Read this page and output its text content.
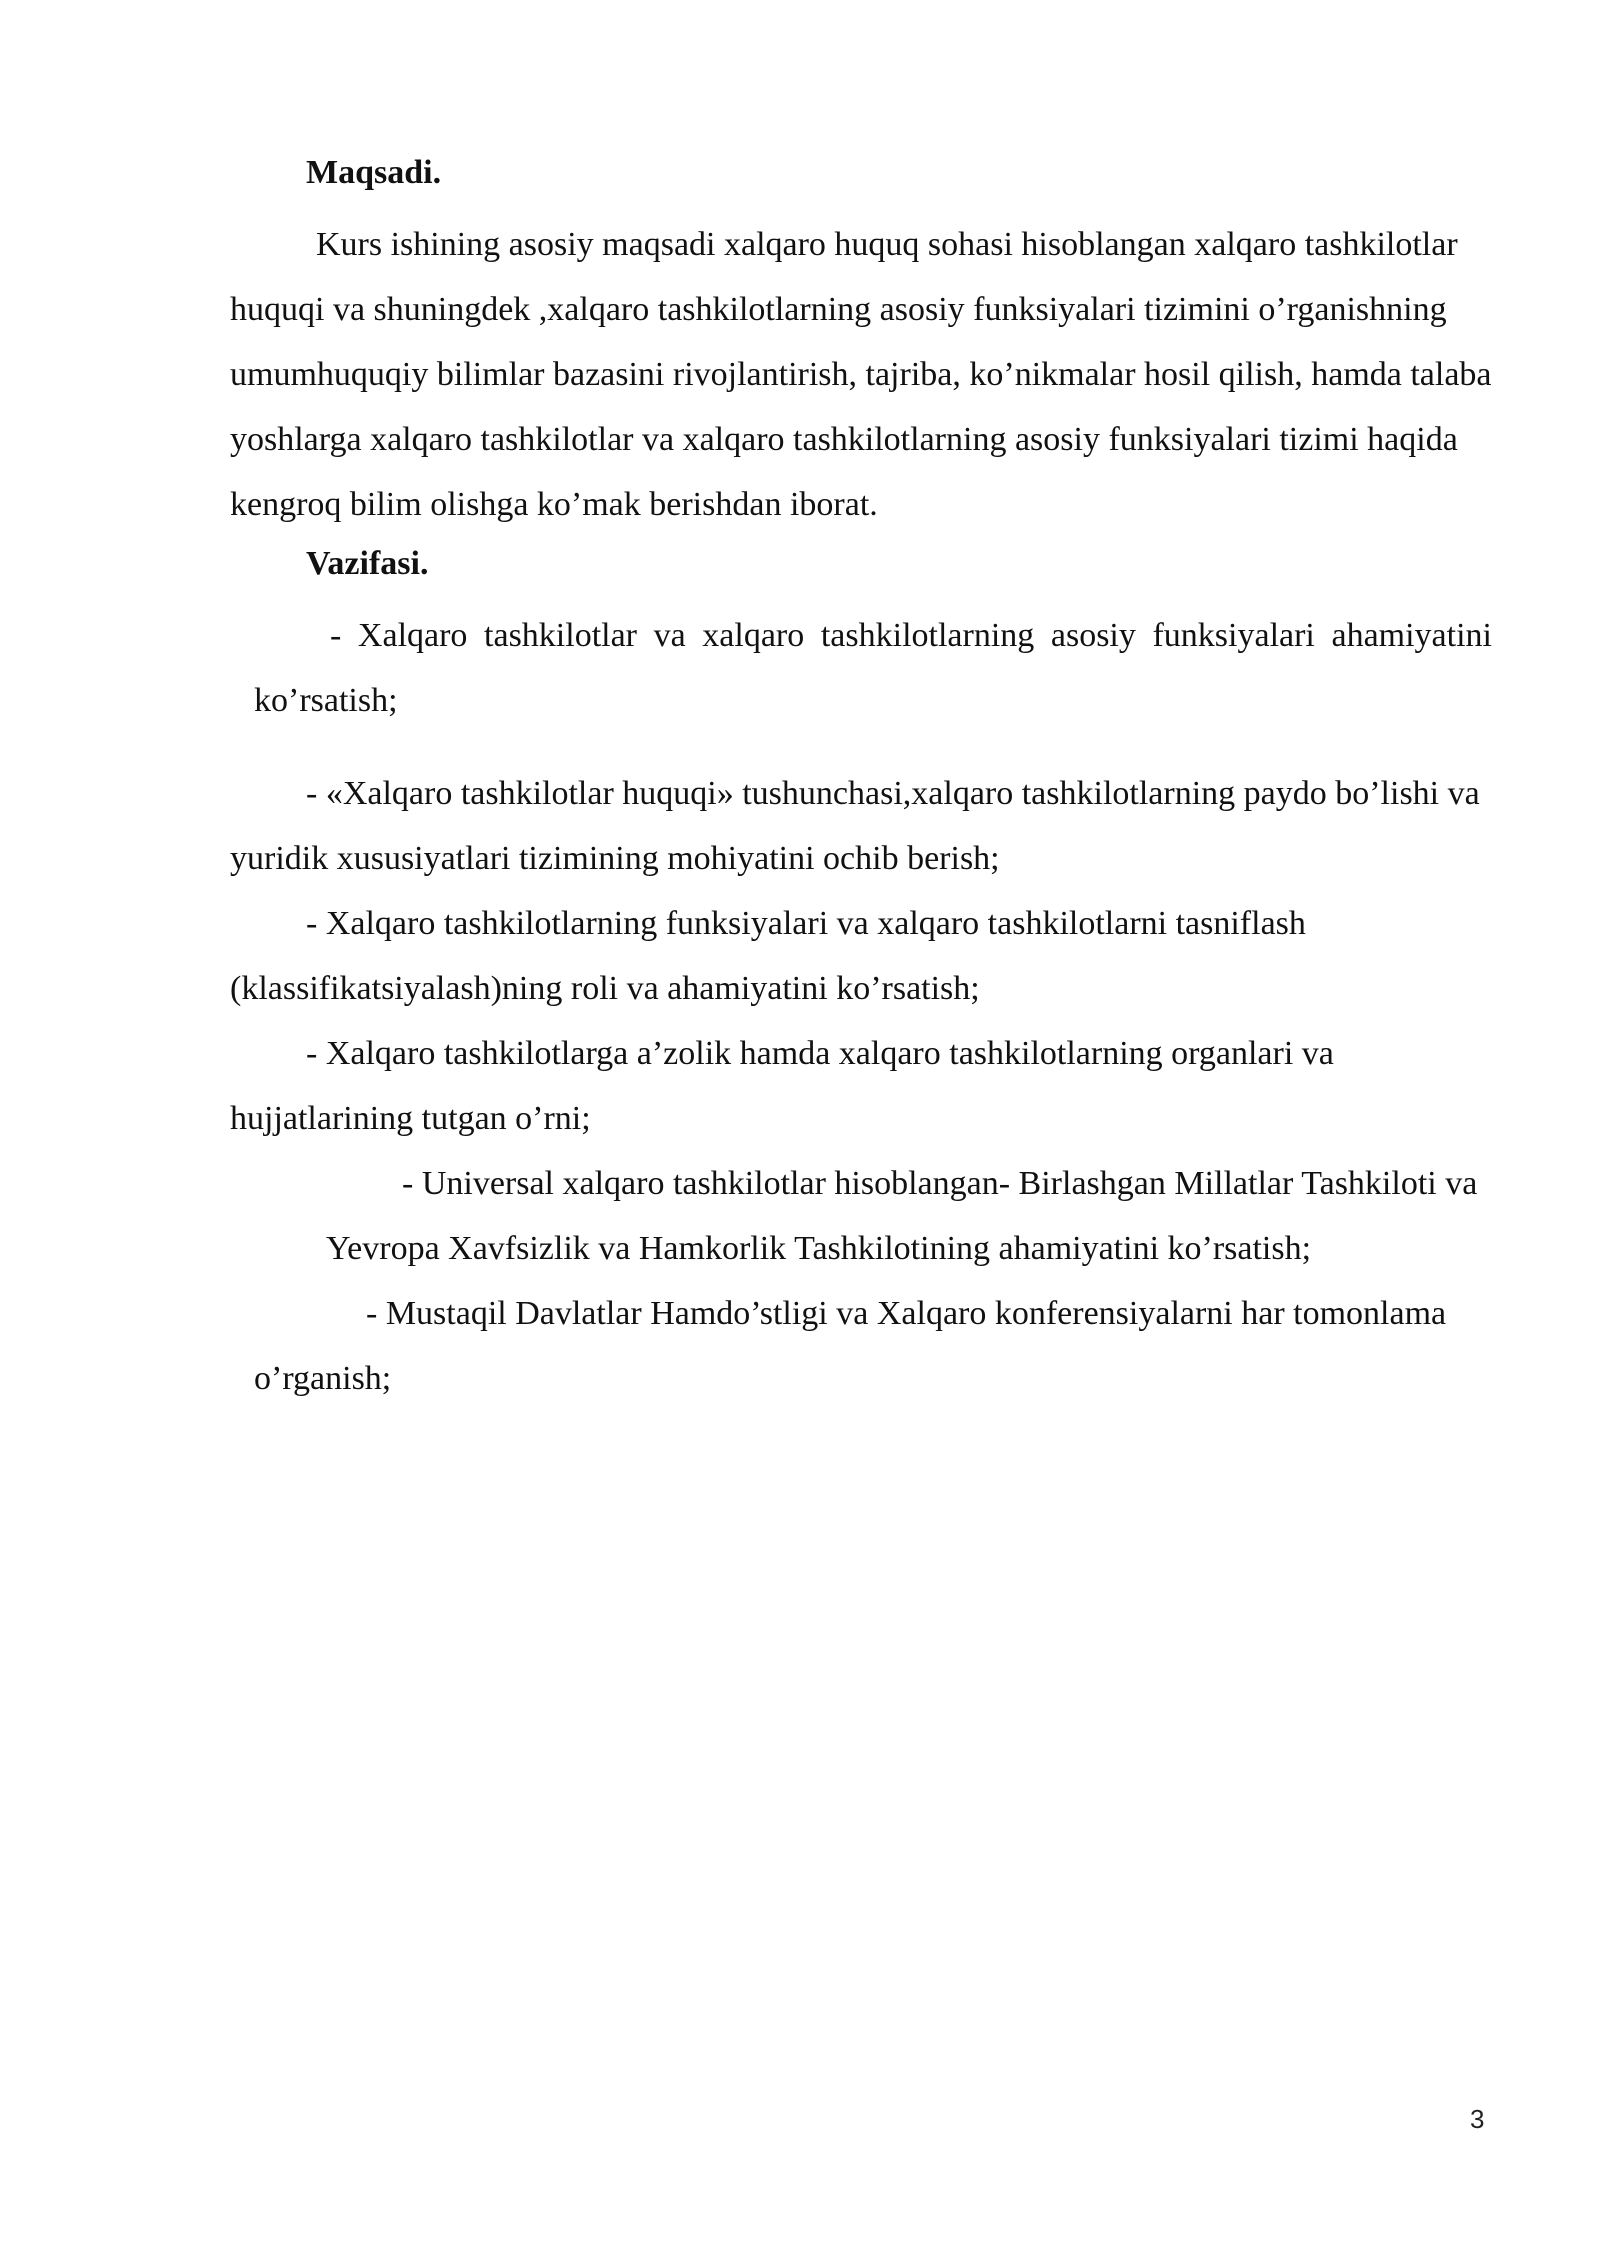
Maqsadi.

Kurs ishining asosiy maqsadi xalqaro huquq sohasi hisoblangan xalqaro tashkilotlar huquqi va shuningdek ,xalqaro tashkilotlarning asosiy funksiyalari tizimini o’rganishning umumhuquqiy bilimlar bazasini rivojlantirish, tajriba, ko’nikmalar hosil qilish, hamda talaba yoshlarga xalqaro tashkilotlar va xalqaro tashkilotlarning asosiy funksiyalari tizimi haqida kengroq bilim olishga ko’mak berishdan iborat.

Vazifasi.

- Xalqaro tashkilotlar va xalqaro tashkilotlarning asosiy funksiyalari ahamiyatini ko’rsatish;

- «Xalqaro tashkilotlar huquqi» tushunchasi,xalqaro tashkilotlarning paydo bo’lishi va yuridik xususiyatlari tizimining mohiyatini ochib berish;

- Xalqaro tashkilotlarning funksiyalari va xalqaro tashkilotlarni tasniflash (klassifikatsiyalash)ning roli va ahamiyatini ko’rsatish;

- Xalqaro tashkilotlarga a’zolik hamda xalqaro tashkilotlarning organlari va hujjatlarining tutgan o’rni;

- Universal xalqaro tashkilotlar hisoblangan- Birlashgan Millatlar Tashkiloti va Yevropa Xavfsizlik va Hamkorlik Tashkilotining ahamiyatini ko’rsatish;

- Mustaqil Davlatlar Hamdo’stligi va Xalqaro konferensiyalarni har tomonlama o’rganish;

3
